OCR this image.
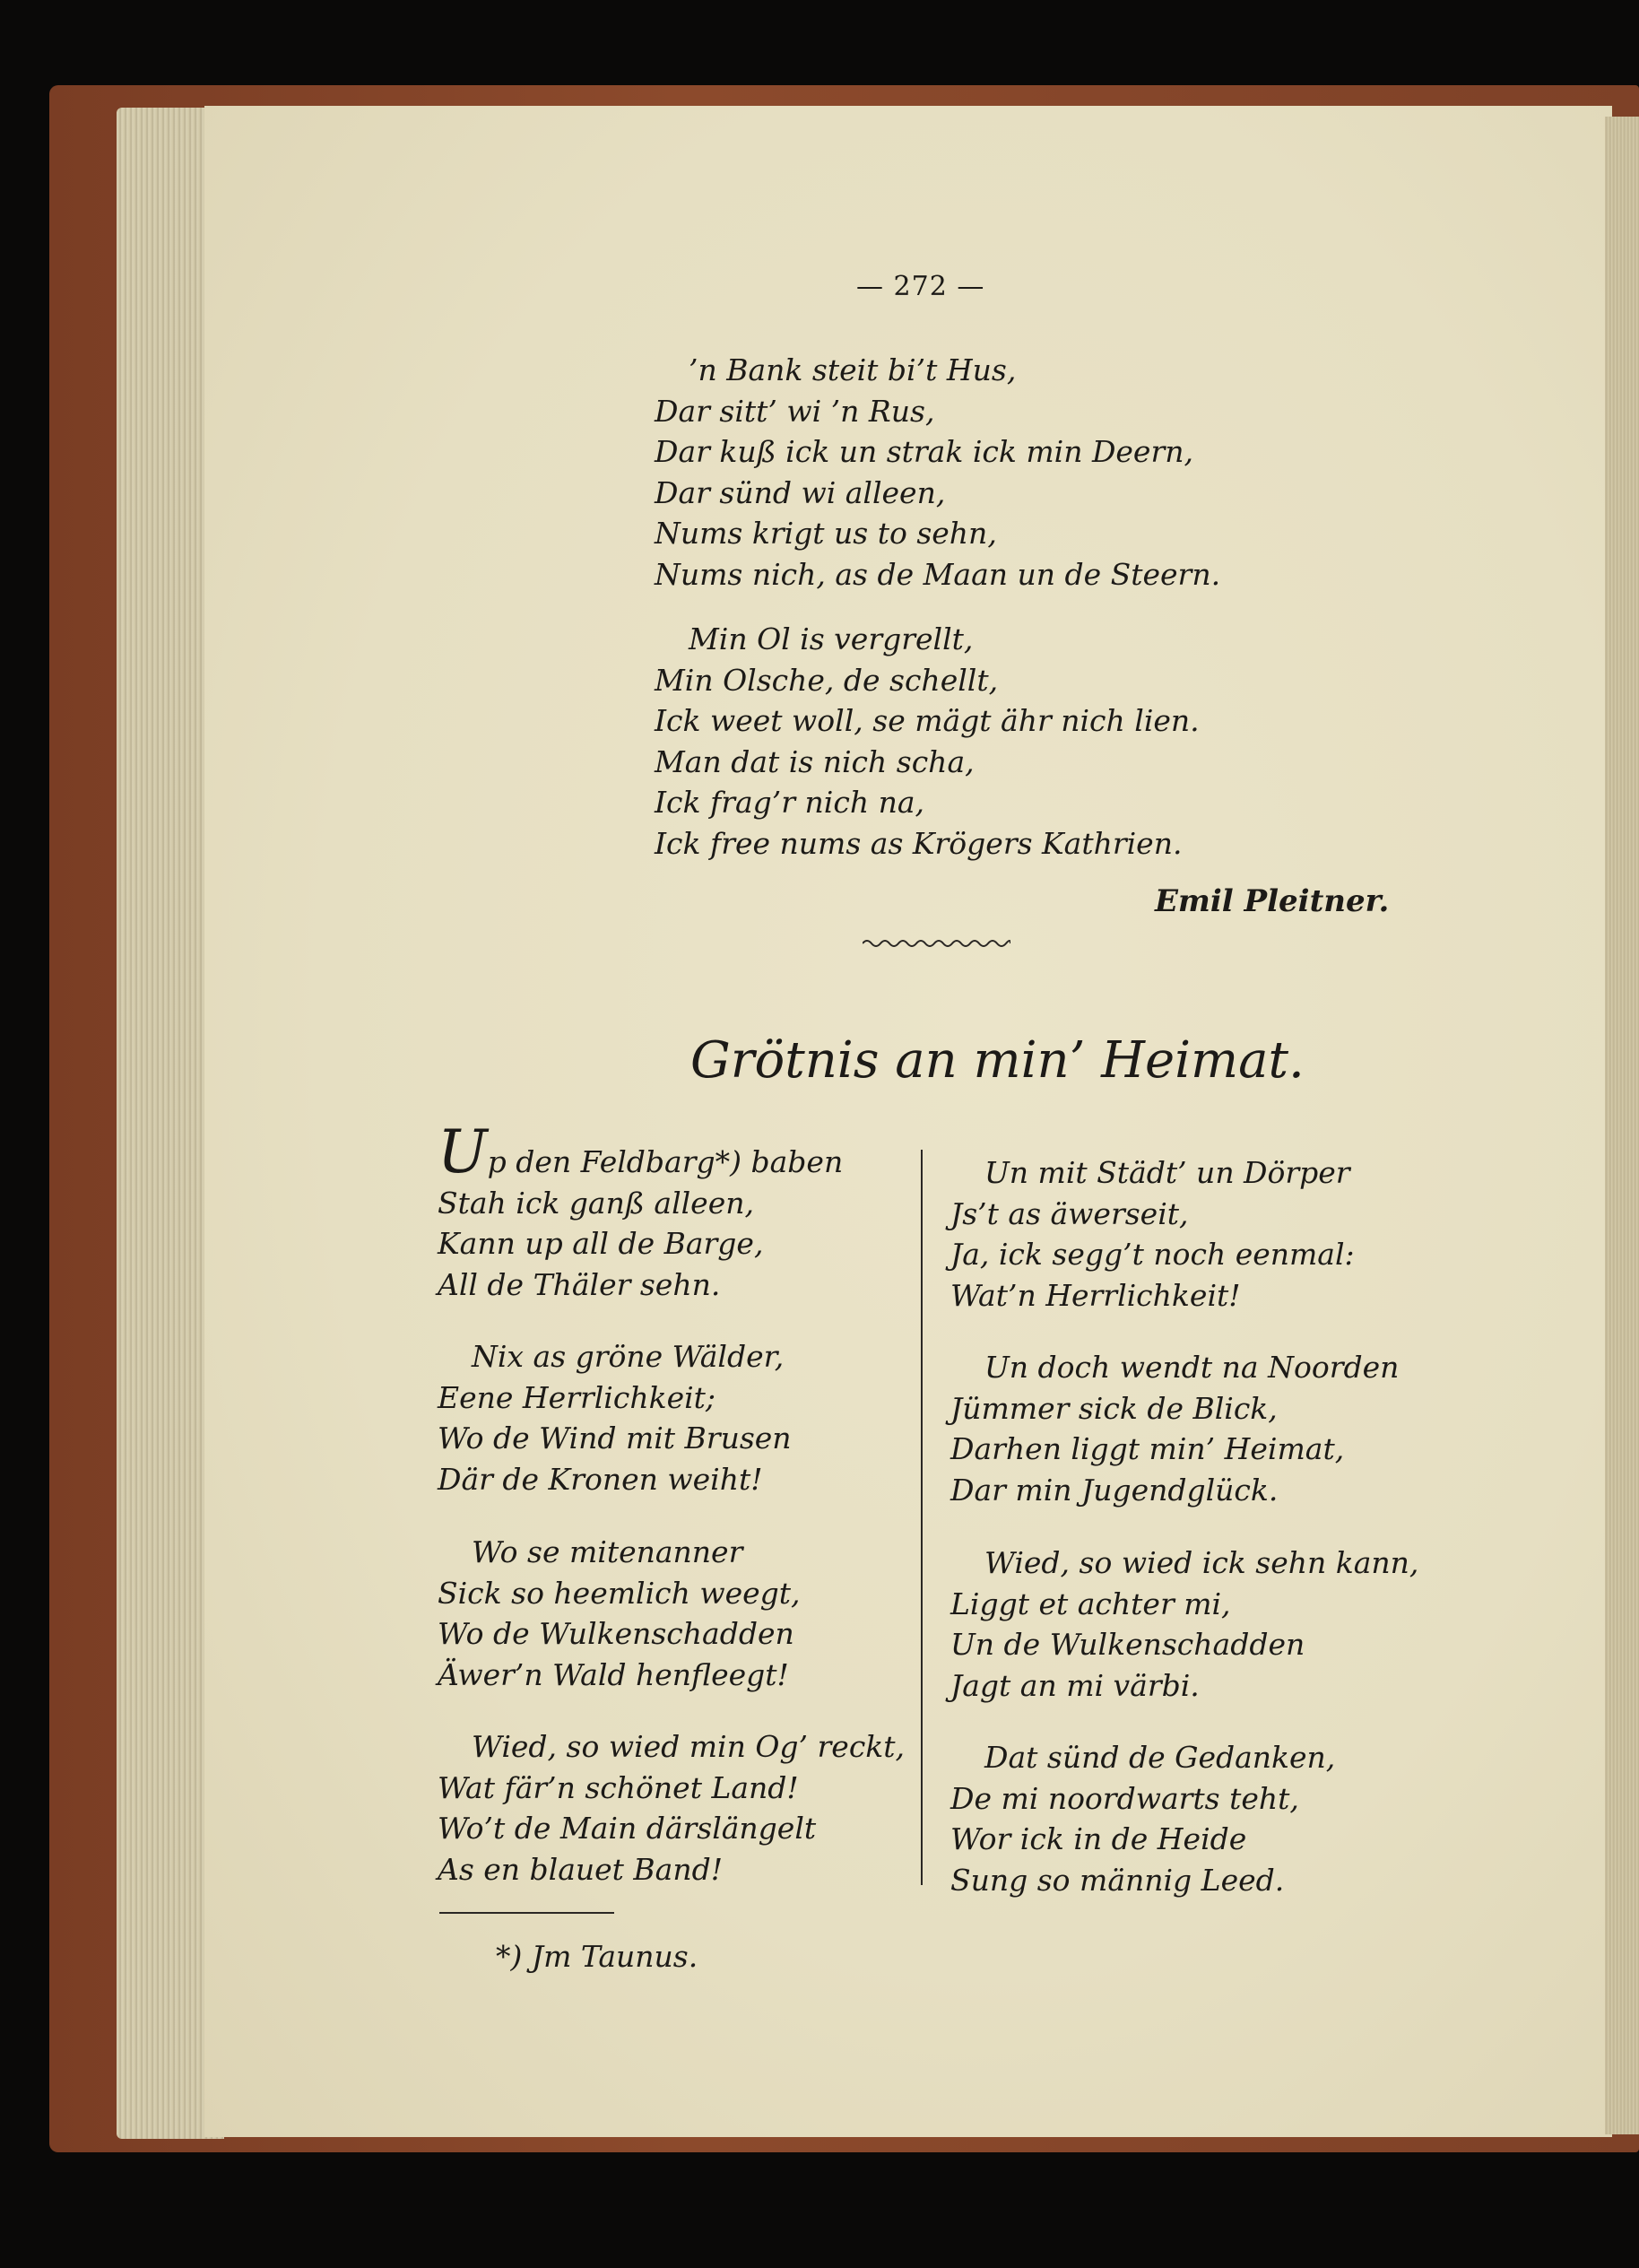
— 272 —
’n Bank steit bi’t Hus,
Dar sitt’ wi ’n Rus,
Dar kuß ick un strak ick min Deern,
Dar sünd wi alleen,
Nums krigt us to sehn,
Nums nich, as de Maan un de Steern.
Min Ol is vergrellt,
Min Olsche, de schellt,
Ick weet woll, se mägt ähr nich lien.
Man dat is nich scha,
Ick frag’r nich na,
Ick free nums as Krögers Kathrien.
Emil Pleitner.
Grötnis an min’ Heimat.
Up den Feldbarg*) baben
Stah ick ganß alleen,
Kann up all de Barge,
All de Thäler sehn.
Nix as gröne Wälder,
Eene Herrlichkeit;
Wo de Wind mit Brusen
Där de Kronen weiht!
Wo se mitenanner
Sick so heemlich weegt,
Wo de Wulkenschadden
Äwer’n Wald henfleegt!
Wied, so wied min Og’ reckt,
Wat fär’n schönet Land!
Wo’t de Main därslängelt
As en blauet Band!
Un mit Städt’ un Dörper
Js’t as äwerseit,
Ja, ick segg’t noch eenmal:
Wat’n Herrlichkeit!
Un doch wendt na Noorden
Jümmer sick de Blick,
Darhen liggt min’ Heimat,
Dar min Jugendglück.
Wied, so wied ick sehn kann,
Liggt et achter mi,
Un de Wulkenschadden
Jagt an mi värbi.
Dat sünd de Gedanken,
De mi noordwarts teht,
Wor ick in de Heide
Sung so männig Leed.
*) Jm Taunus.
